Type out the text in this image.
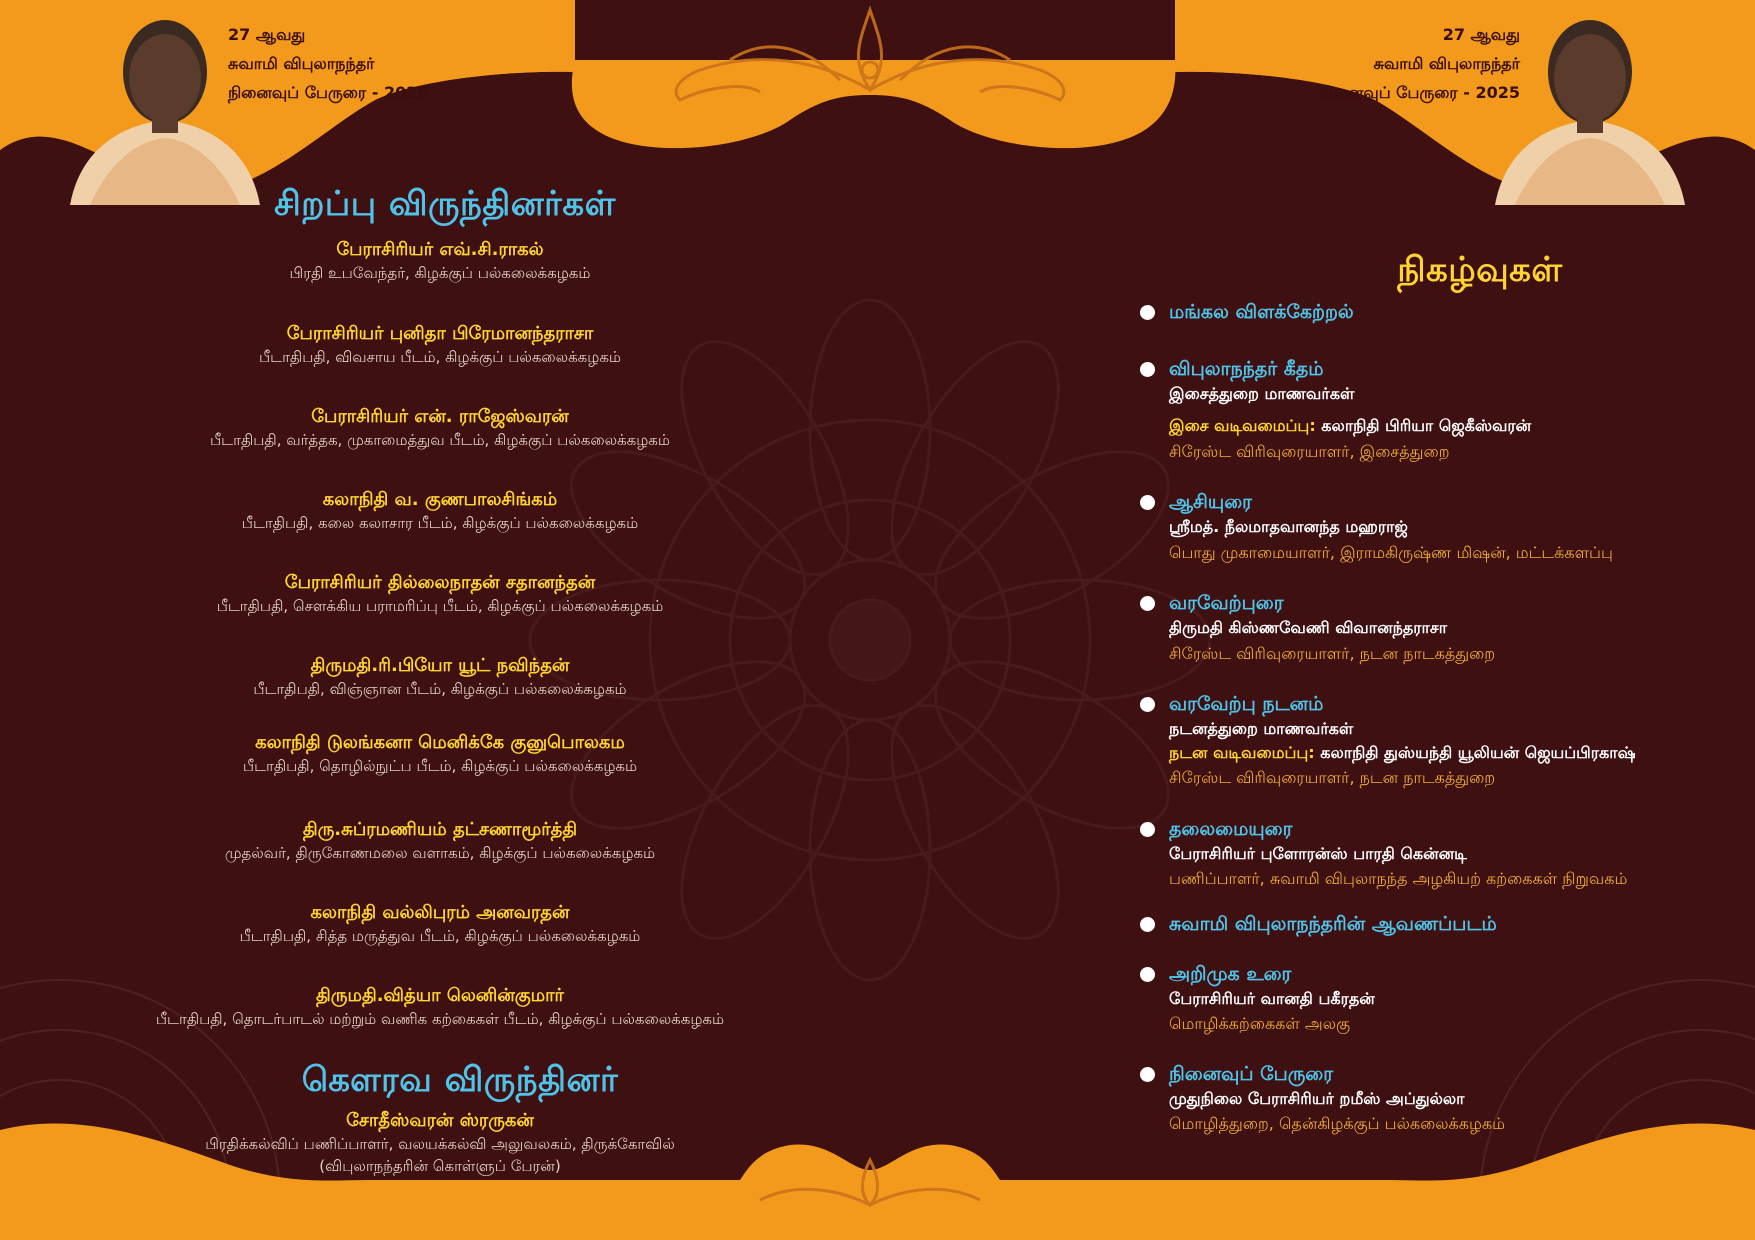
27 ஆவது
சுவாமி விபுலாநந்தர்
நினைவுப் பேருரை - 2025
27 ஆவது
சுவாமி விபுலாநந்தர்
நினைவுப் பேருரை - 2025
சிறப்பு விருந்தினர்கள்
பேராசிரியர் எவ்.சி.ராகல்
பிரதி உபவேந்தர், கிழக்குப் பல்கலைக்கழகம்
பேராசிரியர் புனிதா பிரேமானந்தராசா
பீடாதிபதி, விவசாய பீடம், கிழக்குப் பல்கலைக்கழகம்
பேராசிரியர் என். ராஜேஸ்வரன்
பீடாதிபதி, வர்த்தக, முகாமைத்துவ பீடம், கிழக்குப் பல்கலைக்கழகம்
கலாநிதி வ. குணபாலசிங்கம்
பீடாதிபதி, கலை கலாசார பீடம், கிழக்குப் பல்கலைக்கழகம்
பேராசிரியர் தில்லைநாதன் சதானந்தன்
பீடாதிபதி, சௌக்கிய பராமரிப்பு பீடம், கிழக்குப் பல்கலைக்கழகம்
திருமதி.ரி.பியோ யூட் நவிந்தன்
பீடாதிபதி, விஞ்ஞான பீடம், கிழக்குப் பல்கலைக்கழகம்
கலாநிதி டுலங்கனா மெனிக்கே குனுபொலகம
பீடாதிபதி, தொழில்நுட்ப பீடம், கிழக்குப் பல்கலைக்கழகம்
திரு.சுப்ரமணியம் தட்சணாமூர்த்தி
முதல்வர், திருகோணமலை வளாகம், கிழக்குப் பல்கலைக்கழகம்
கலாநிதி வல்லிபுரம் அனவரதன்
பீடாதிபதி, சித்த மருத்துவ பீடம், கிழக்குப் பல்கலைக்கழகம்
திருமதி.வித்யா லெனின்குமார்
பீடாதிபதி, தொடர்பாடல் மற்றும் வணிக கற்கைகள் பீடம், கிழக்குப் பல்கலைக்கழகம்
கௌரவ விருந்தினர்
சோதீஸ்வரன் ஸ்ரருகன்
பிரதிக்கல்விப் பணிப்பாளர், வலயக்கல்வி அலுவலகம், திருக்கோவில்
(விபுலாநந்தரின் கொள்ளுப் பேரன்)
நிகழ்வுகள்
மங்கல விளக்கேற்றல்
விபுலாநந்தர் கீதம்
இசைத்துறை மாணவர்கள்
இசை வடிவமைப்பு: கலாநிதி பிரியா ஜெகீஸ்வரன்
சிரேஸ்ட விரிவுரையாளர், இசைத்துறை
ஆசியுரை
ஸ்ரீமத். நீலமாதவானந்த மஹராஜ்
பொது முகாமையாளர், இராமகிருஷ்ண மிஷன், மட்டக்களப்பு
வரவேற்புரை
திருமதி கிஸ்ணவேணி விவானந்தராசா
சிரேஸ்ட விரிவுரையாளர், நடன நாடகத்துறை
வரவேற்பு நடனம்
நடனத்துறை மாணவர்கள்
நடன வடிவமைப்பு: கலாநிதி துஸ்யந்தி யூலியன் ஜெயப்பிரகாஷ்
சிரேஸ்ட விரிவுரையாளர், நடன நாடகத்துறை
தலைமையுரை
பேராசிரியர் புளோரன்ஸ் பாரதி கென்னடி
பணிப்பாளர், சுவாமி விபுலாநந்த அழகியற் கற்கைகள் நிறுவகம்
சுவாமி விபுலாநந்தரின் ஆவணப்படம்
அறிமுக உரை
பேராசிரியர் வானதி பகீரதன்
மொழிக்கற்கைகள் அலகு
நினைவுப் பேருரை
முதுநிலை பேராசிரியர் றமீஸ் அப்துல்லா
மொழித்துறை, தென்கிழக்குப் பல்கலைக்கழகம்
